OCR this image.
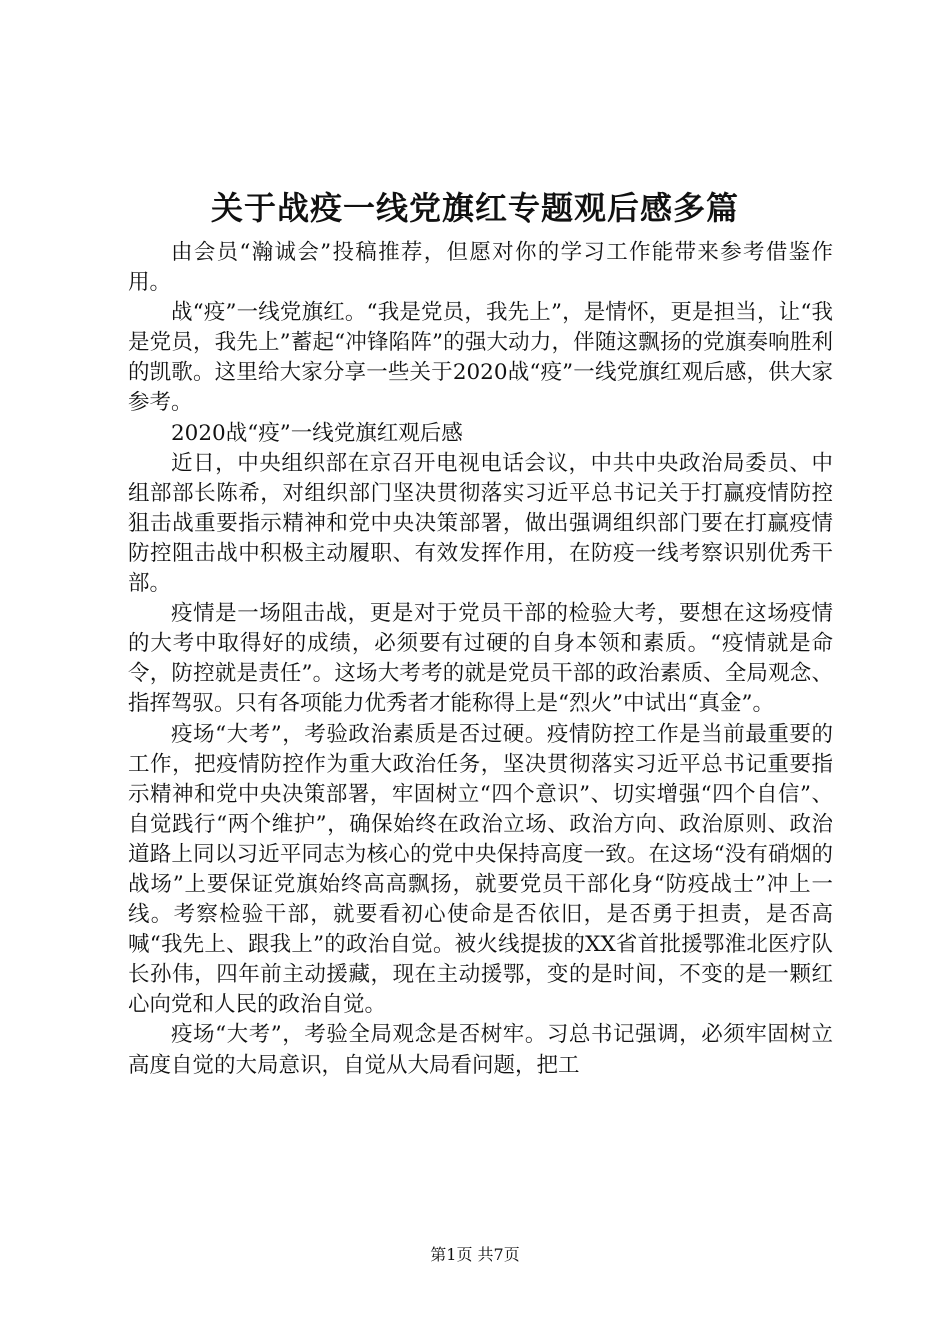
关于战疫一线党旗红专题观后感多篇

由会员“瀚诚会”投稿推荐，但愿对你的学习工作能带来参考借鉴作用。

战“疫”一线党旗红。“我是党员，我先上”，是情怀，更是担当，让“我是党员，我先上”蓄起“冲锋陷阵”的强大动力，伴随这飘扬的党旗奏响胜利的凯歌。这里给大家分享一些关于2020战“疫”一线党旗红观后感，供大家参考。

2020战“疫”一线党旗红观后感

近日，中央组织部在京召开电视电话会议，中共中央政治局委员、中组部部长陈希，对组织部门坚决贯彻落实习近平总书记关于打赢疫情防控狙击战重要指示精神和党中央决策部署，做出强调组织部门要在打赢疫情防控阻击战中积极主动履职、有效发挥作用，在防疫一线考察识别优秀干部。

疫情是一场阻击战，更是对于党员干部的检验大考，要想在这场疫情的大考中取得好的成绩，必须要有过硬的自身本领和素质。“疫情就是命令，防控就是责任”。这场大考考的就是党员干部的政治素质、全局观念、指挥驾驭。只有各项能力优秀者才能称得上是“烈火”中试出“真金”。

疫场“大考”，考验政治素质是否过硬。疫情防控工作是当前最重要的工作，把疫情防控作为重大政治任务，坚决贯彻落实习近平总书记重要指示精神和党中央决策部署，牢固树立“四个意识”、切实增强“四个自信”、自觉践行“两个维护”，确保始终在政治立场、政治方向、政治原则、政治道路上同以习近平同志为核心的党中央保持高度一致。在这场“没有硝烟的战场”上要保证党旗始终高高飘扬，就要党员干部化身“防疫战士”冲上一线。考察检验干部，就要看初心使命是否依旧，是否勇于担责，是否高喊“我先上、跟我上”的政治自觉。被火线提拔的XX省首批援鄂淮北医疗队长孙伟，四年前主动援藏，现在主动援鄂，变的是时间，不变的是一颗红心向党和人民的政治自觉。

疫场“大考”，考验全局观念是否树牢。习总书记强调，必须牢固树立高度自觉的大局意识，自觉从大局看问题，把工

第1页 共7页
